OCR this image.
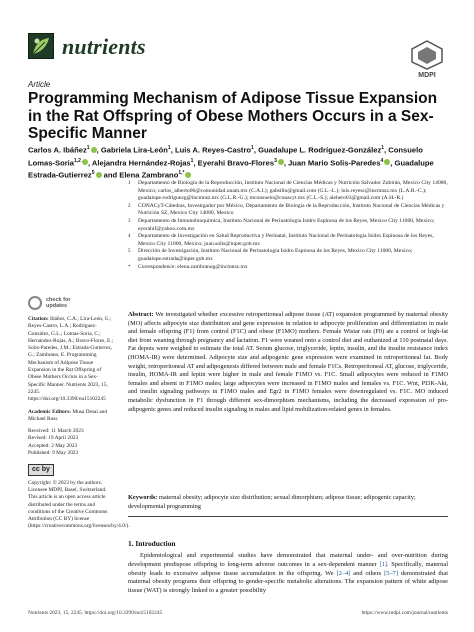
nutrients
MDPI
Article
Programming Mechanism of Adipose Tissue Expansion in the Rat Offspring of Obese Mothers Occurs in a Sex-Specific Manner
Carlos A. Ibáñez$^1$ , Gabriela Lira-León$^1$, Luis A. Reyes-Castro$^1$, Guadalupe L. Rodríguez-González$^1$, Consuelo Lomas-Soria$^{1,2}$ , Alejandra Hernández-Rojas$^1$, Eyerahi Bravo-Flores$^3$ , Juan Mario Solis-Paredes$^4$ , Guadalupe Estrada-Gutierrez$^5$ and Elena Zambrano$^{1,*}$
1 Departamento de Biología de la Reproducción, Instituto Nacional de Ciencias Médicas y Nutrición Salvador Zubirán, Mexico City 14080, Mexico; carlos_alberto06@comunidad.unam.mx (C.A.I.); gabsilln@gmail.com (G.L.-L.); luis.reyesc@incmnsz.mx (L.A.R.-C.); guadalupe.rodriguezg@incmnsz.mx (G.L.R.-G.); mconsuelo@conacyt.mx (C.L.-S.); alehero03@gmail.com (A.H.-R.)
2 CONACyT-Cátedras, Investigador por México, Departamento de Biología de la Reproducción, Instituto Nacional de Ciencias Médicas y Nutrición SZ, Mexico City 14080, Mexico
3 Departamento de Inmunobioquímica, Instituto Nacional de Perinatología Isidro Espinosa de los Reyes, Mexico City 11000, Mexico; eyerahif@yahoo.com.mx
4 Departamento de Investigación en Salud Reproductiva y Perinatal, Instituto Nacional de Perinatología Isidro Espinosa de los Reyes, Mexico City 11000, Mexico; juan.solis@inper.gob.mx
5 Dirección de Investigación, Instituto Nacional de Perinatología Isidro Espinosa de los Reyes, Mexico City 11000, Mexico; guadalupe.estrada@inper.gob.mx
* Correspondence: elena.zambranog@incmnsz.mx
check for
updates
Citation: Ibáñez, C.A.; Lira-León, G.; Reyes-Castro, L.A.; Rodríguez-González, G.L.; Lomas-Soria, C.; Hernández-Rojas, A.; Bravo-Flores, E.; Solis-Paredes, J.M.; Estrada-Gutierrez, G.; Zambrano, E. Programming Mechanism of Adipose Tissue Expansion in the Rat Offspring of Obese Mothers Occurs in a Sex-Specific Manner. Nutrients 2023, 15, 2245. https://doi.org/10.3390/nu15102245
Academic Editors: Musa Desai and Michael Ross
Received: 11 March 2023
Revised: 19 April 2023
Accepted: 2 May 2023
Published: 9 May 2023
cc by
Copyright: © 2023 by the authors. Licensee MDPI, Basel, Switzerland. This article is an open access article distributed under the terms and conditions of the Creative Commons Attribution (CC BY) license (https://creativecommons.org/licenses/by/4.0/).
Abstract: We investigated whether excessive retroperitoneal adipose tissue (AT) expansion programmed by maternal obesity (MO) affects adipocyte size distribution and gene expression in relation to adipocyte proliferation and differentiation in male and female offspring (F1) from control (F1C) and obese (F1MO) mothers. Female Wistar rats (F0) ate a control or high-fat diet from weaning through pregnancy and lactation. F1 were weaned onto a control diet and euthanized at 110 postnatal days. Fat depots were weighed to estimate the total AT. Serum glucose, triglyceride, leptin, insulin, and the insulin resistance index (HOMA-IR) were determined. Adipocyte size and adipogenic gene expression were examined in retroperitoneal fat. Body weight, retroperitoneal AT and adipogenesis differed between male and female F1Cs. Retroperitoneal AT, glucose, triglyceride, insulin, HOMA-IR and leptin were higher in male and female F1MO vs. F1C. Small adipocytes were reduced in F1MO females and absent in F1MO males; large adipocytes were increased in F1MO males and females vs. F1C. Wnt, PI3K-Akt, and insulin signaling pathways in F1MO males and Egr2 in F1MO females were downregulated vs. F1C. MO induced metabolic dysfunction in F1 through different sex-dimorphism mechanisms, including the decreased expression of pro-adipogenic genes and reduced insulin signaling in males and lipid mobilization-related genes in females.
Keywords: maternal obesity; adipocyte size distribution; sexual dimorphism; adipose tissue; adipogenic capacity; developmental programming
1. Introduction
Epidemiological and experimental studies have demonstrated that maternal under- and over-nutrition during development predispose offspring to long-term adverse outcomes in a sex-dependent manner [1]. Specifically, maternal obesity leads to excessive adipose tissue accumulation in the offspring. We [2–4] and others [5–7] demonstrated that maternal obesity programs their offspring to gender-specific metabolic alterations. The expansion pattern of white adipose tissue (WAT) is strongly linked to a greater possibility
Nutrients 2023, 15, 2245. https://doi.org/10.3390/nu15102245	https://www.mdpi.com/journal/nutrients
